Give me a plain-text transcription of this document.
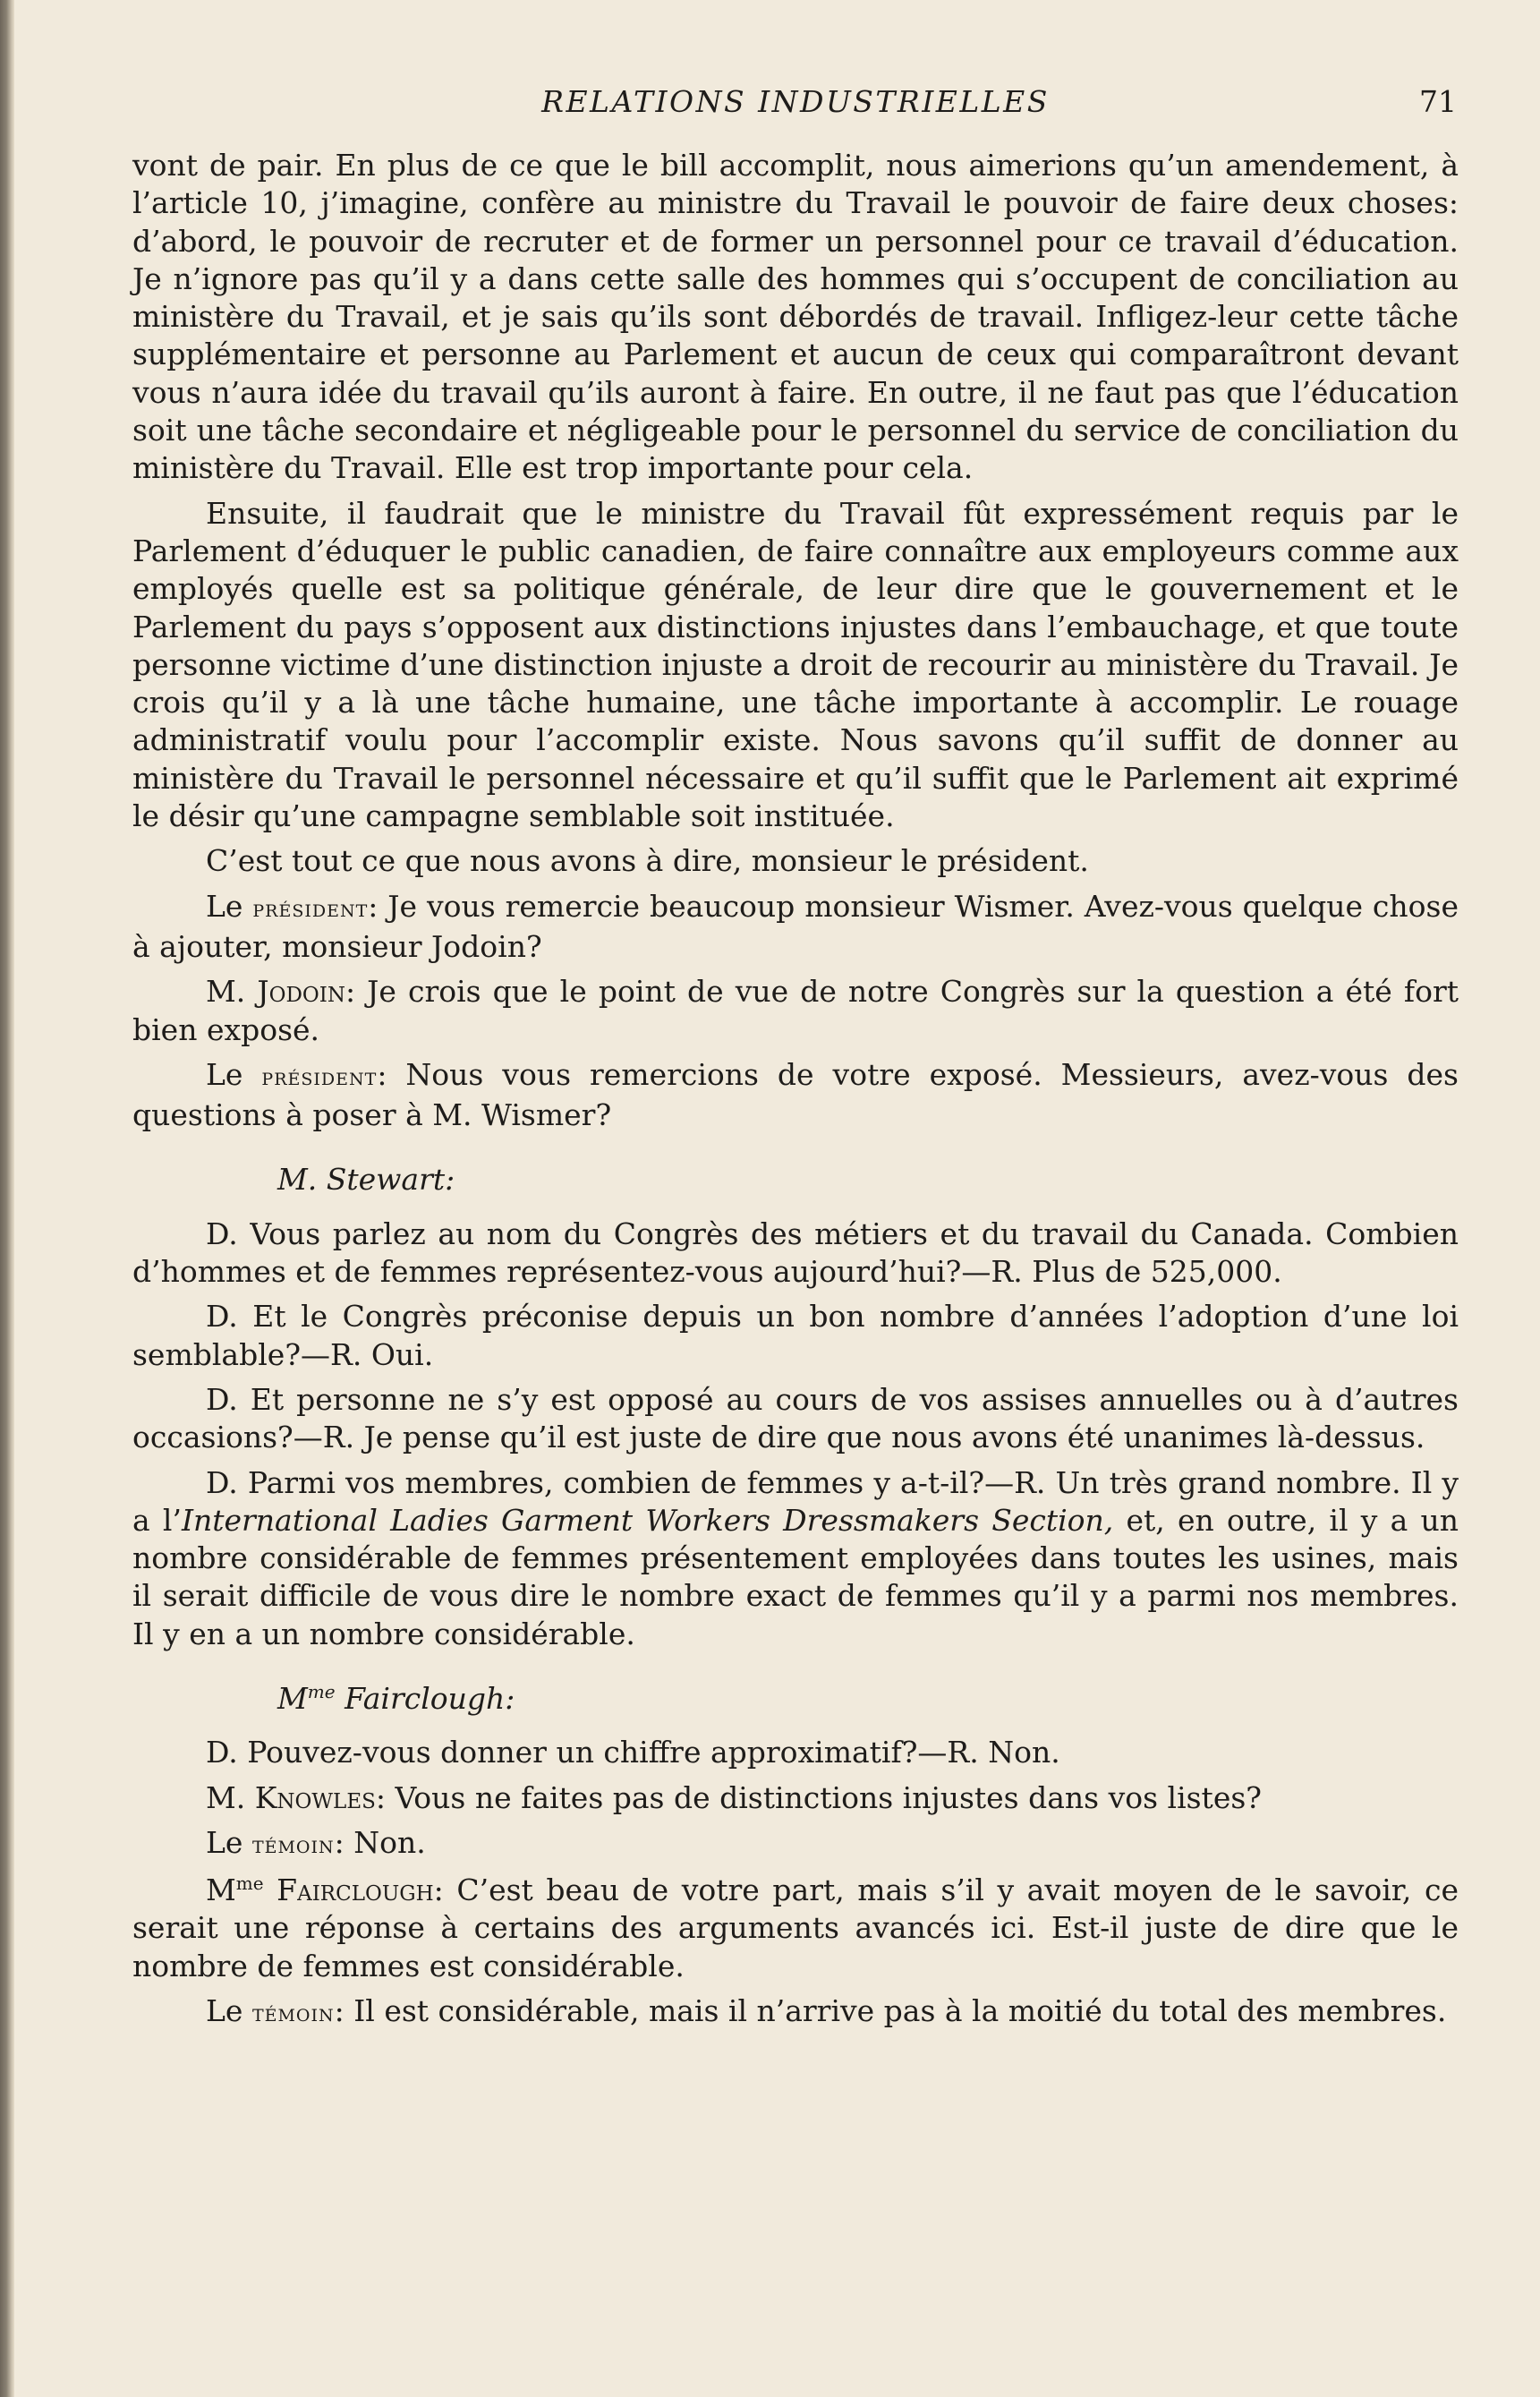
RELATIONS INDUSTRIELLES	71

vont de pair. En plus de ce que le bill accomplit, nous aimerions qu’un amendement, à l’article 10, j’imagine, confère au ministre du Travail le pouvoir de faire deux choses: d’abord, le pouvoir de recruter et de former un personnel pour ce travail d’éducation. Je n’ignore pas qu’il y a dans cette salle des hommes qui s’occupent de conciliation au ministère du Travail, et je sais qu’ils sont débordés de travail. Infligez-leur cette tâche supplémentaire et personne au Parlement et aucun de ceux qui comparaîtront devant vous n’aura idée du travail qu’ils auront à faire. En outre, il ne faut pas que l’éducation soit une tâche secondaire et négligeable pour le personnel du service de conciliation du ministère du Travail. Elle est trop importante pour cela.

Ensuite, il faudrait que le ministre du Travail fût expressément requis par le Parlement d’éduquer le public canadien, de faire connaître aux employeurs comme aux employés quelle est sa politique générale, de leur dire que le gouvernement et le Parlement du pays s’opposent aux distinctions injustes dans l’embauchage, et que toute personne victime d’une distinction injuste a droit de recourir au ministère du Travail. Je crois qu’il y a là une tâche humaine, une tâche importante à accomplir. Le rouage administratif voulu pour l’accomplir existe. Nous savons qu’il suffit de donner au ministère du Travail le personnel nécessaire et qu’il suffit que le Parlement ait exprimé le désir qu’une campagne semblable soit instituée.

C’est tout ce que nous avons à dire, monsieur le président.

Le président: Je vous remercie beaucoup monsieur Wismer. Avez-vous quelque chose à ajouter, monsieur Jodoin?

M. Jodoin: Je crois que le point de vue de notre Congrès sur la question a été fort bien exposé.

Le président: Nous vous remercions de votre exposé. Messieurs, avez-vous des questions à poser à M. Wismer?

M. Stewart:

D. Vous parlez au nom du Congrès des métiers et du travail du Canada. Combien d’hommes et de femmes représentez-vous aujourd’hui?—R. Plus de 525,000.

D. Et le Congrès préconise depuis un bon nombre d’années l’adoption d’une loi semblable?—R. Oui.

D. Et personne ne s’y est opposé au cours de vos assises annuelles ou à d’autres occasions?—R. Je pense qu’il est juste de dire que nous avons été unanimes là-dessus.

D. Parmi vos membres, combien de femmes y a-t-il?—R. Un très grand nombre. Il y a l’International Ladies Garment Workers Dressmakers Section, et, en outre, il y a un nombre considérable de femmes présentement employées dans toutes les usines, mais il serait difficile de vous dire le nombre exact de femmes qu’il y a parmi nos membres. Il y en a un nombre considérable.

$M^{me}$ Fairclough:

D. Pouvez-vous donner un chiffre approximatif?—R. Non.

M. Knowles: Vous ne faites pas de distinctions injustes dans vos listes?

Le témoin: Non.

$M^{me}$ Fairclough: C’est beau de votre part, mais s’il y avait moyen de le savoir, ce serait une réponse à certains des arguments avancés ici. Est-il juste de dire que le nombre de femmes est considérable.

Le témoin: Il est considérable, mais il n’arrive pas à la moitié du total des membres.
